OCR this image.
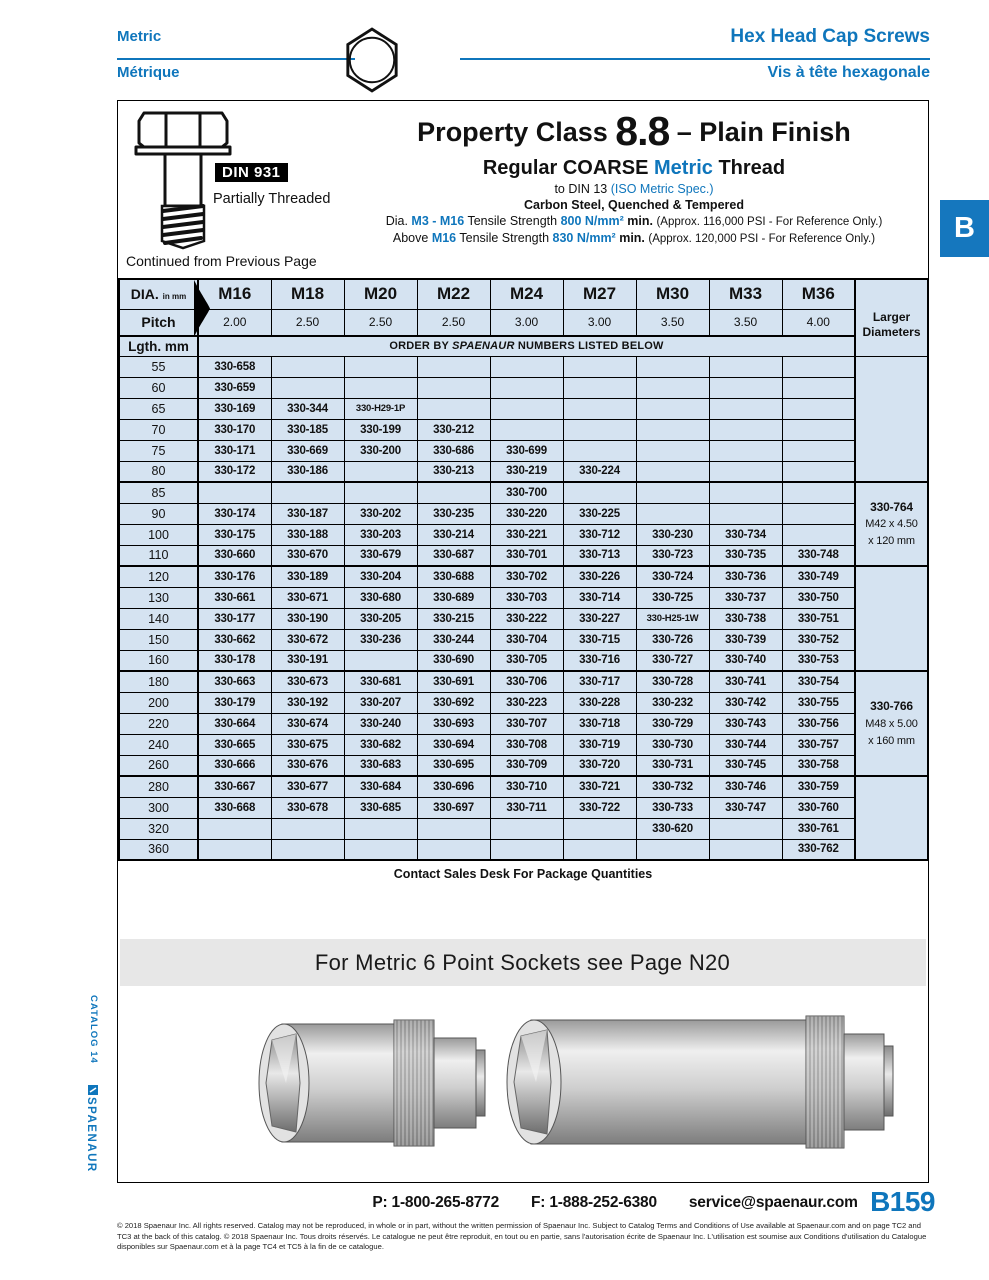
Metric
Métrique
Hex Head Cap Screws
Vis à tête hexagonale
B
DIN 931
Partially Threaded
Continued from Previous Page
Property Class 8.8 – Plain Finish
Regular COARSE Metric Thread
to DIN 13 (ISO Metric Spec.)
Carbon Steel, Quenched & Tempered
Dia. M3 - M16 Tensile Strength 800 N/mm² min. (Approx. 116,000 PSI - For Reference Only.)
Above M16 Tensile Strength 830 N/mm² min. (Approx. 120,000 PSI - For Reference Only.)
DIA. in mm	M16	M18	M20	M22	M24	M27	M30	M33	M36	Larger
Diameters

Pitch	2.00	2.50	2.50	2.50	3.00	3.00	3.50	3.50	4.00	
Lgth. mm	ORDER BY SPAENAUR NUMBERS LISTED BELOW									
55	330-658									
60	330-659									
65	330-169	330-344	330-H29-1P							
70	330-170	330-185	330-199	330-212						
75	330-171	330-669	330-200	330-686	330-699					
80	330-172	330-186		330-213	330-219	330-224				
85					330-700					330-764
M42 x 4.50
x 120 mm

90	330-174	330-187	330-202	330-235	330-220	330-225				
100	330-175	330-188	330-203	330-214	330-221	330-712	330-230	330-734		
110	330-660	330-670	330-679	330-687	330-701	330-713	330-723	330-735	330-748	
120	330-176	330-189	330-204	330-688	330-702	330-226	330-724	330-736	330-749	
130	330-661	330-671	330-680	330-689	330-703	330-714	330-725	330-737	330-750	
140	330-177	330-190	330-205	330-215	330-222	330-227	330-H25-1W	330-738	330-751	
150	330-662	330-672	330-236	330-244	330-704	330-715	330-726	330-739	330-752	
160	330-178	330-191		330-690	330-705	330-716	330-727	330-740	330-753	
180	330-663	330-673	330-681	330-691	330-706	330-717	330-728	330-741	330-754	330-766
M48 x 5.00
x 160 mm

200	330-179	330-192	330-207	330-692	330-223	330-228	330-232	330-742	330-755	
220	330-664	330-674	330-240	330-693	330-707	330-718	330-729	330-743	330-756	
240	330-665	330-675	330-682	330-694	330-708	330-719	330-730	330-744	330-757	
260	330-666	330-676	330-683	330-695	330-709	330-720	330-731	330-745	330-758	
280	330-667	330-677	330-684	330-696	330-710	330-721	330-732	330-746	330-759	
300	330-668	330-678	330-685	330-697	330-711	330-722	330-733	330-747	330-760	
320							330-620		330-761	
360									330-762	
Contact Sales Desk For Package Quantities
For Metric 6 Point Sockets see Page N20
P: 1-800-265-8772 F: 1-888-252-6380 service@spaenaur.com B159
© 2018 Spaenaur Inc. All rights reserved. Catalog may not be reproduced, in whole or in part, without the written permission of Spaenaur Inc. Subject to Catalog Terms and Conditions of Use available at Spaenaur.com and on page TC2 and
TC3 at the back of this catalog. © 2018 Spaenaur Inc. Tous droits réservés. Le catalogue ne peut être reproduit, en tout ou en partie, sans l'autorisation écrite de Spaenaur Inc. L'utilisation est soumise aux Conditions d'utilisation du Catalogue
disponibles sur Spaenaur.com et à la page TC4 et TC5 à la fin de ce catalogue.
CATALOG 14
SPAENAUR
